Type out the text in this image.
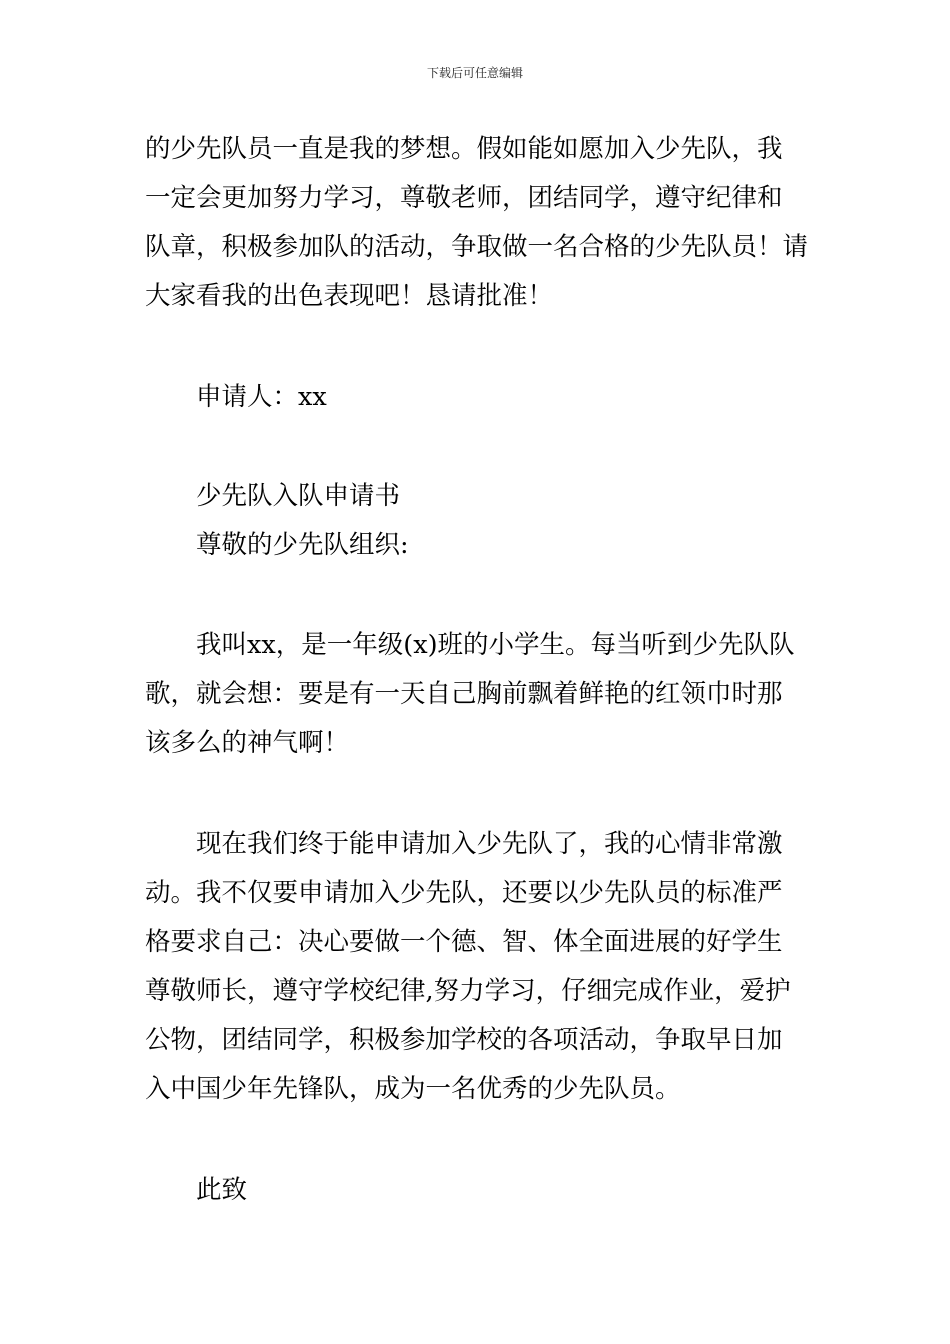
下载后可任意编辑
的少先队员一直是我的梦想。假如能如愿加入少先队，我
一定会更加努力学习，尊敬老师，团结同学，遵守纪律和
队章，积极参加队的活动，争取做一名合格的少先队员！请
大家看我的出色表现吧！恳请批准！
申请人：xx
少先队入队申请书
尊敬的少先队组织:
我叫xx，是一年级(x)班的小学生。每当听到少先队队
歌，就会想：要是有一天自己胸前飘着鲜艳的红领巾时那
该多么的神气啊！
现在我们终于能申请加入少先队了，我的心情非常激
动。我不仅要申请加入少先队，还要以少先队员的标准严
格要求自己：决心要做一个德、智、体全面进展的好学生
尊敬师长，遵守学校纪律,努力学习，仔细完成作业，爱护
公物，团结同学，积极参加学校的各项活动，争取早日加
入中国少年先锋队，成为一名优秀的少先队员。
此致
